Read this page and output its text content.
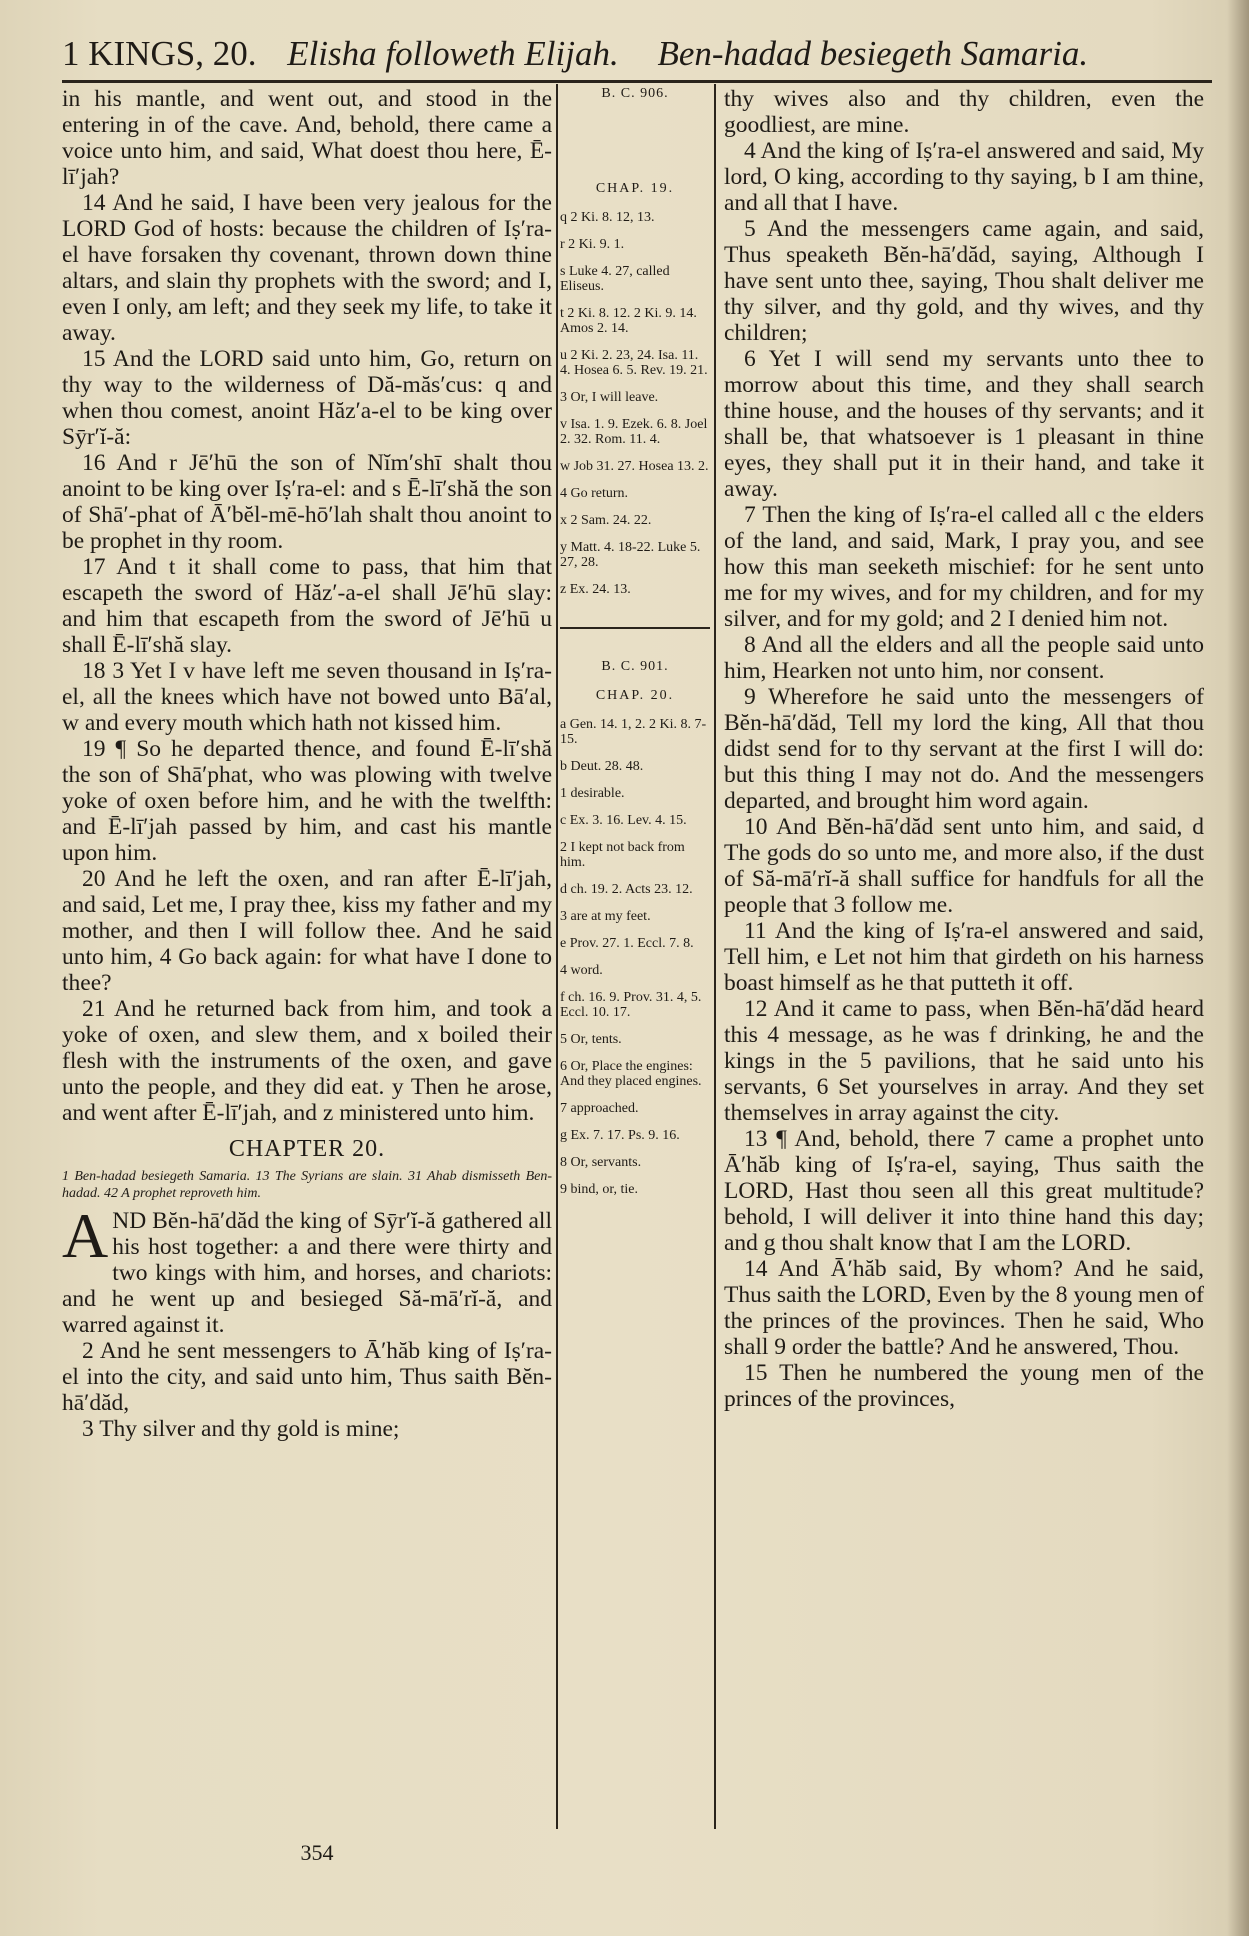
1 KINGS, 20. Elisha followeth Elijah. Ben-hadad besiegeth Samaria.

in his mantle, and went out, and stood in the entering in of the cave. And, behold, there came a voice unto him, and said, What doest thou here, Ē-lī′jah?

14 And he said, I have been very jealous for the LORD God of hosts: because the children of Iṣ′ra-el have forsaken thy covenant, thrown down thine altars, and slain thy prophets with the sword; and I, even I only, am left; and they seek my life, to take it away.

15 And the LORD said unto him, Go, return on thy way to the wilderness of Dă-măs′cus: q and when thou comest, anoint Hăz′a-el to be king over Sȳr′ĭ-ă:

16 And r Jē′hū the son of Nĭm′shī shalt thou anoint to be king over Iṣ′ra-el: and s Ē-lī′shă the son of Shā′-phat of Ā′bĕl-mē-hō′lah shalt thou anoint to be prophet in thy room.

17 And t it shall come to pass, that him that escapeth the sword of Hăz′-a-el shall Jē′hū slay: and him that escapeth from the sword of Jē′hū u shall Ē-lī′shă slay.

18 3 Yet I v have left me seven thousand in Iṣ′ra-el, all the knees which have not bowed unto Bā′al, w and every mouth which hath not kissed him.

19 ¶ So he departed thence, and found Ē-lī′shă the son of Shā′phat, who was plowing with twelve yoke of oxen before him, and he with the twelfth: and Ē-lī′jah passed by him, and cast his mantle upon him.

20 And he left the oxen, and ran after Ē-lī′jah, and said, Let me, I pray thee, kiss my father and my mother, and then I will follow thee. And he said unto him, 4 Go back again: for what have I done to thee?

21 And he returned back from him, and took a yoke of oxen, and slew them, and x boiled their flesh with the instruments of the oxen, and gave unto the people, and they did eat. y Then he arose, and went after Ē-lī′jah, and z ministered unto him.

CHAPTER 20.
1 Ben-hadad besiegeth Samaria. 13 The Syrians are slain. 31 Ahab dismisseth Ben-hadad. 42 A prophet reproveth him.

AND Bĕn-hā′dăd the king of Sȳr′ĭ-ă gathered all his host together: a and there were thirty and two kings with him, and horses, and chariots: and he went up and besieged Să-mā′rĭ-ă, and warred against it.

2 And he sent messengers to Ā′hăb king of Iṣ′ra-el into the city, and said unto him, Thus saith Bĕn-hā′dăd,

3 Thy silver and thy gold is mine;

B. C. 906.
CHAP. 19.
q 2 Ki. 8. 12, 13.
r 2 Ki. 9. 1.
s Luke 4. 27, called Eliseus.
t 2 Ki. 8. 12. 2 Ki. 9. 14. Amos 2. 14.
u 2 Ki. 2. 23, 24. Isa. 11. 4. Hosea 6. 5. Rev. 19. 21.
3 Or, I will leave.
v Isa. 1. 9. Ezek. 6. 8. Joel 2. 32. Rom. 11. 4.
w Job 31. 27. Hosea 13. 2.
4 Go return.
x 2 Sam. 24. 22.
y Matt. 4. 18-22. Luke 5. 27, 28.
z Ex. 24. 13.
B. C. 901.
CHAP. 20.
a Gen. 14. 1, 2. 2 Ki. 8. 7-15.
b Deut. 28. 48.
1 desirable.
c Ex. 3. 16. Lev. 4. 15.
2 I kept not back from him.
d ch. 19. 2. Acts 23. 12.
3 are at my feet.
e Prov. 27. 1. Eccl. 7. 8.
4 word.
f ch. 16. 9. Prov. 31. 4, 5. Eccl. 10. 17.
5 Or, tents.
6 Or, Place the engines: And they placed engines.
7 approached.
g Ex. 7. 17. Ps. 9. 16.
8 Or, servants.
9 bind, or, tie.

thy wives also and thy children, even the goodliest, are mine.

4 And the king of Iṣ′ra-el answered and said, My lord, O king, according to thy saying, b I am thine, and all that I have.

5 And the messengers came again, and said, Thus speaketh Bĕn-hā′dăd, saying, Although I have sent unto thee, saying, Thou shalt deliver me thy silver, and thy gold, and thy wives, and thy children;

6 Yet I will send my servants unto thee to morrow about this time, and they shall search thine house, and the houses of thy servants; and it shall be, that whatsoever is 1 pleasant in thine eyes, they shall put it in their hand, and take it away.

7 Then the king of Iṣ′ra-el called all c the elders of the land, and said, Mark, I pray you, and see how this man seeketh mischief: for he sent unto me for my wives, and for my children, and for my silver, and for my gold; and 2 I denied him not.

8 And all the elders and all the people said unto him, Hearken not unto him, nor consent.

9 Wherefore he said unto the messengers of Bĕn-hā′dăd, Tell my lord the king, All that thou didst send for to thy servant at the first I will do: but this thing I may not do. And the messengers departed, and brought him word again.

10 And Bĕn-hā′dăd sent unto him, and said, d The gods do so unto me, and more also, if the dust of Să-mā′rĭ-ă shall suffice for handfuls for all the people that 3 follow me.

11 And the king of Iṣ′ra-el answered and said, Tell him, e Let not him that girdeth on his harness boast himself as he that putteth it off.

12 And it came to pass, when Bĕn-hā′dăd heard this 4 message, as he was f drinking, he and the kings in the 5 pavilions, that he said unto his servants, 6 Set yourselves in array. And they set themselves in array against the city.

13 ¶ And, behold, there 7 came a prophet unto Ā′hăb king of Iṣ′ra-el, saying, Thus saith the LORD, Hast thou seen all this great multitude? behold, I will deliver it into thine hand this day; and g thou shalt know that I am the LORD.

14 And Ā′hăb said, By whom? And he said, Thus saith the LORD, Even by the 8 young men of the princes of the provinces. Then he said, Who shall 9 order the battle? And he answered, Thou.

15 Then he numbered the young men of the princes of the provinces,

354
